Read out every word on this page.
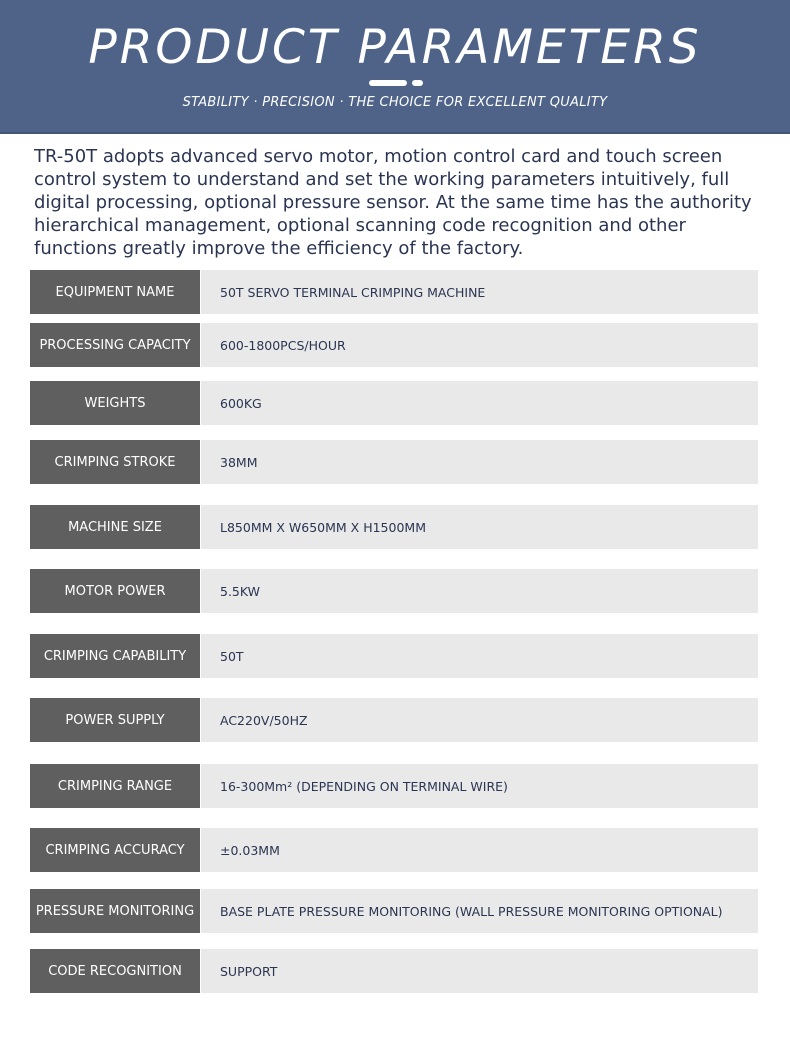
PRODUCT PARAMETERS
STABILITY · PRECISION · THE CHOICE FOR EXCELLENT QUALITY

TR-50T adopts advanced servo motor, motion control card and touch screen control system to understand and set the working parameters intuitively, full digital processing, optional pressure sensor. At the same time has the authority hierarchical management, optional scanning code recognition and other functions greatly improve the efficiency of the factory.

EQUIPMENT NAME	50T SERVO TERMINAL CRIMPING MACHINE
PROCESSING CAPACITY	600-1800PCS/HOUR
WEIGHTS	600KG
CRIMPING STROKE	38MM
MACHINE SIZE	L850MM X W650MM X H1500MM
MOTOR POWER	5.5KW
CRIMPING CAPABILITY	50T
POWER SUPPLY	AC220V/50HZ
CRIMPING RANGE	16-300Mm² (DEPENDING ON TERMINAL WIRE)
CRIMPING ACCURACY	±0.03MM
PRESSURE MONITORING	BASE PLATE PRESSURE MONITORING (WALL PRESSURE MONITORING OPTIONAL)
CODE RECOGNITION	SUPPORT
